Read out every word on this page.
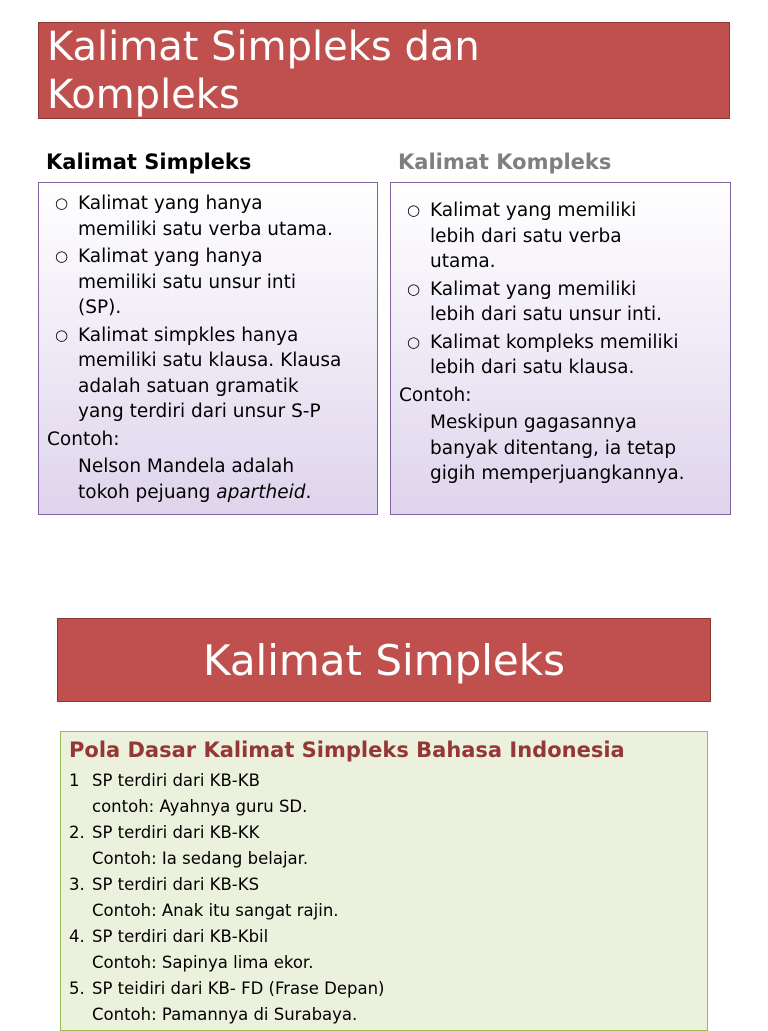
Kalimat Simpleks dan
Kompleks
Kalimat Simpleks	Kalimat Kompleks
○ Kalimat yang hanya
memiliki satu verba utama.
○ Kalimat yang hanya
memiliki satu unsur inti
(SP).
○ Kalimat simpkles hanya
memiliki satu klausa. Klausa
adalah satuan gramatik
yang terdiri dari unsur S-P
Contoh:
Nelson Mandela adalah
tokoh pejuang apartheid.
○ Kalimat yang memiliki
lebih dari satu verba
utama.
○ Kalimat yang memiliki
lebih dari satu unsur inti.
○ Kalimat kompleks memiliki
lebih dari satu klausa.
Contoh:
Meskipun gagasannya
banyak ditentang, ia tetap
gigih memperjuangkannya.
Kalimat Simpleks
Pola Dasar Kalimat Simpleks Bahasa Indonesia
1 SP terdiri dari KB-KB
contoh: Ayahnya guru SD.
2. SP terdiri dari KB-KK
Contoh: Ia sedang belajar.
3. SP terdiri dari KB-KS
Contoh: Anak itu sangat rajin.
4. SP terdiri dari KB-Kbil
Contoh: Sapinya lima ekor.
5. SP teidiri dari KB- FD (Frase Depan)
Contoh: Pamannya di Surabaya.
